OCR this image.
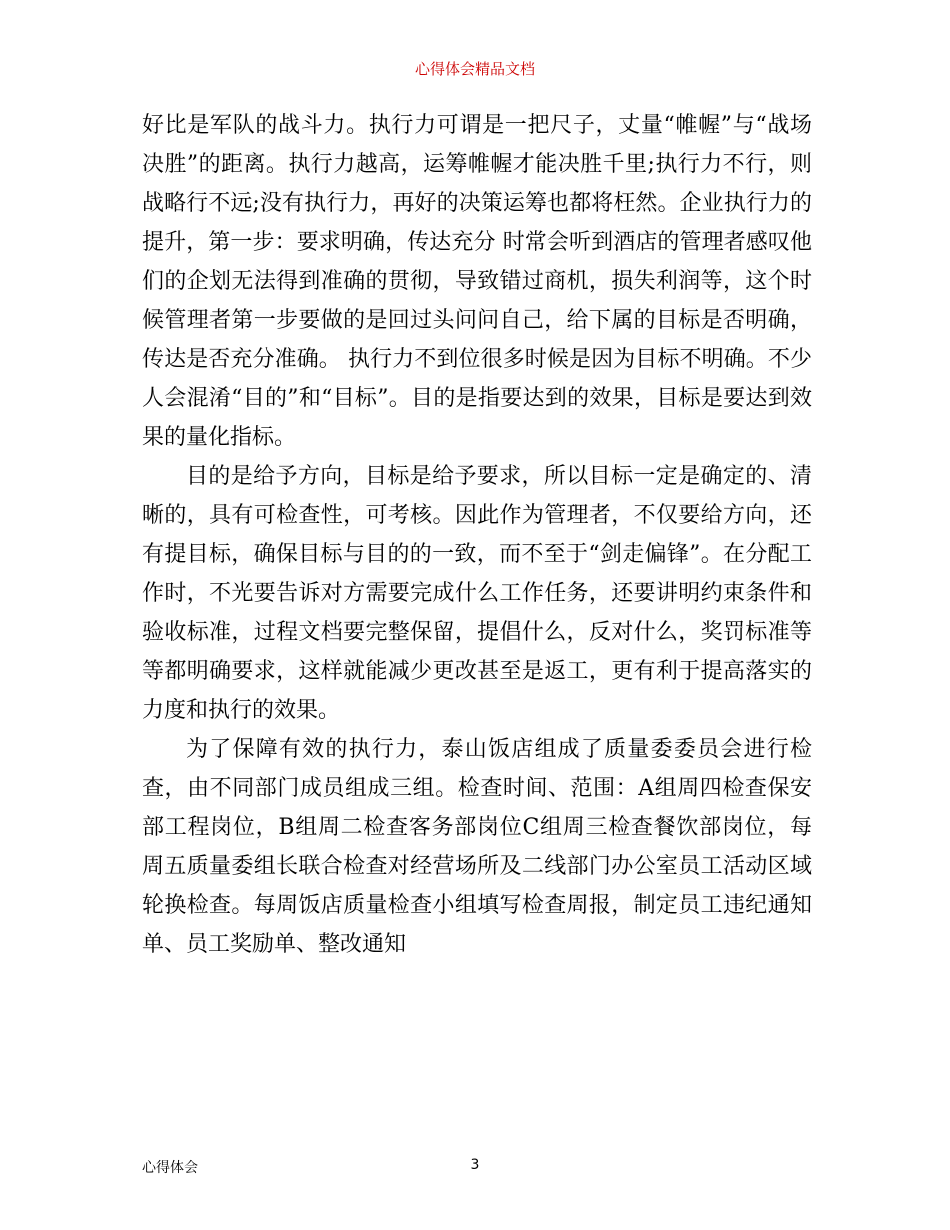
心得体会精品文档

好比是军队的战斗力。执行力可谓是一把尺子，丈量“帷幄”与“战场决胜”的距离。执行力越高，运筹帷幄才能决胜千里;执行力不行，则战略行不远;没有执行力，再好的决策运筹也都将枉然。企业执行力的提升，第一步：要求明确，传达充分 时常会听到酒店的管理者感叹他们的企划无法得到准确的贯彻，导致错过商机，损失利润等，这个时候管理者第一步要做的是回过头问问自己，给下属的目标是否明确，传达是否充分准确。 执行力不到位很多时候是因为目标不明确。不少人会混淆“目的”和“目标”。目的是指要达到的效果，目标是要达到效果的量化指标。

目的是给予方向，目标是给予要求，所以目标一定是确定的、清晰的，具有可检查性，可考核。因此作为管理者，不仅要给方向，还有提目标，确保目标与目的的一致，而不至于“剑走偏锋”。在分配工作时，不光要告诉对方需要完成什么工作任务，还要讲明约束条件和验收标准，过程文档要完整保留，提倡什么，反对什么，奖罚标准等等都明确要求，这样就能减少更改甚至是返工，更有利于提高落实的力度和执行的效果。

为了保障有效的执行力，泰山饭店组成了质量委委员会进行检查，由不同部门成员组成三组。检查时间、范围：A组周四检查保安部工程岗位，B组周二检查客务部岗位C组周三检查餐饮部岗位，每周五质量委组长联合检查对经营场所及二线部门办公室员工活动区域轮换检查。每周饭店质量检查小组填写检查周报，制定员工违纪通知单、员工奖励单、整改通知

心得体会	3
